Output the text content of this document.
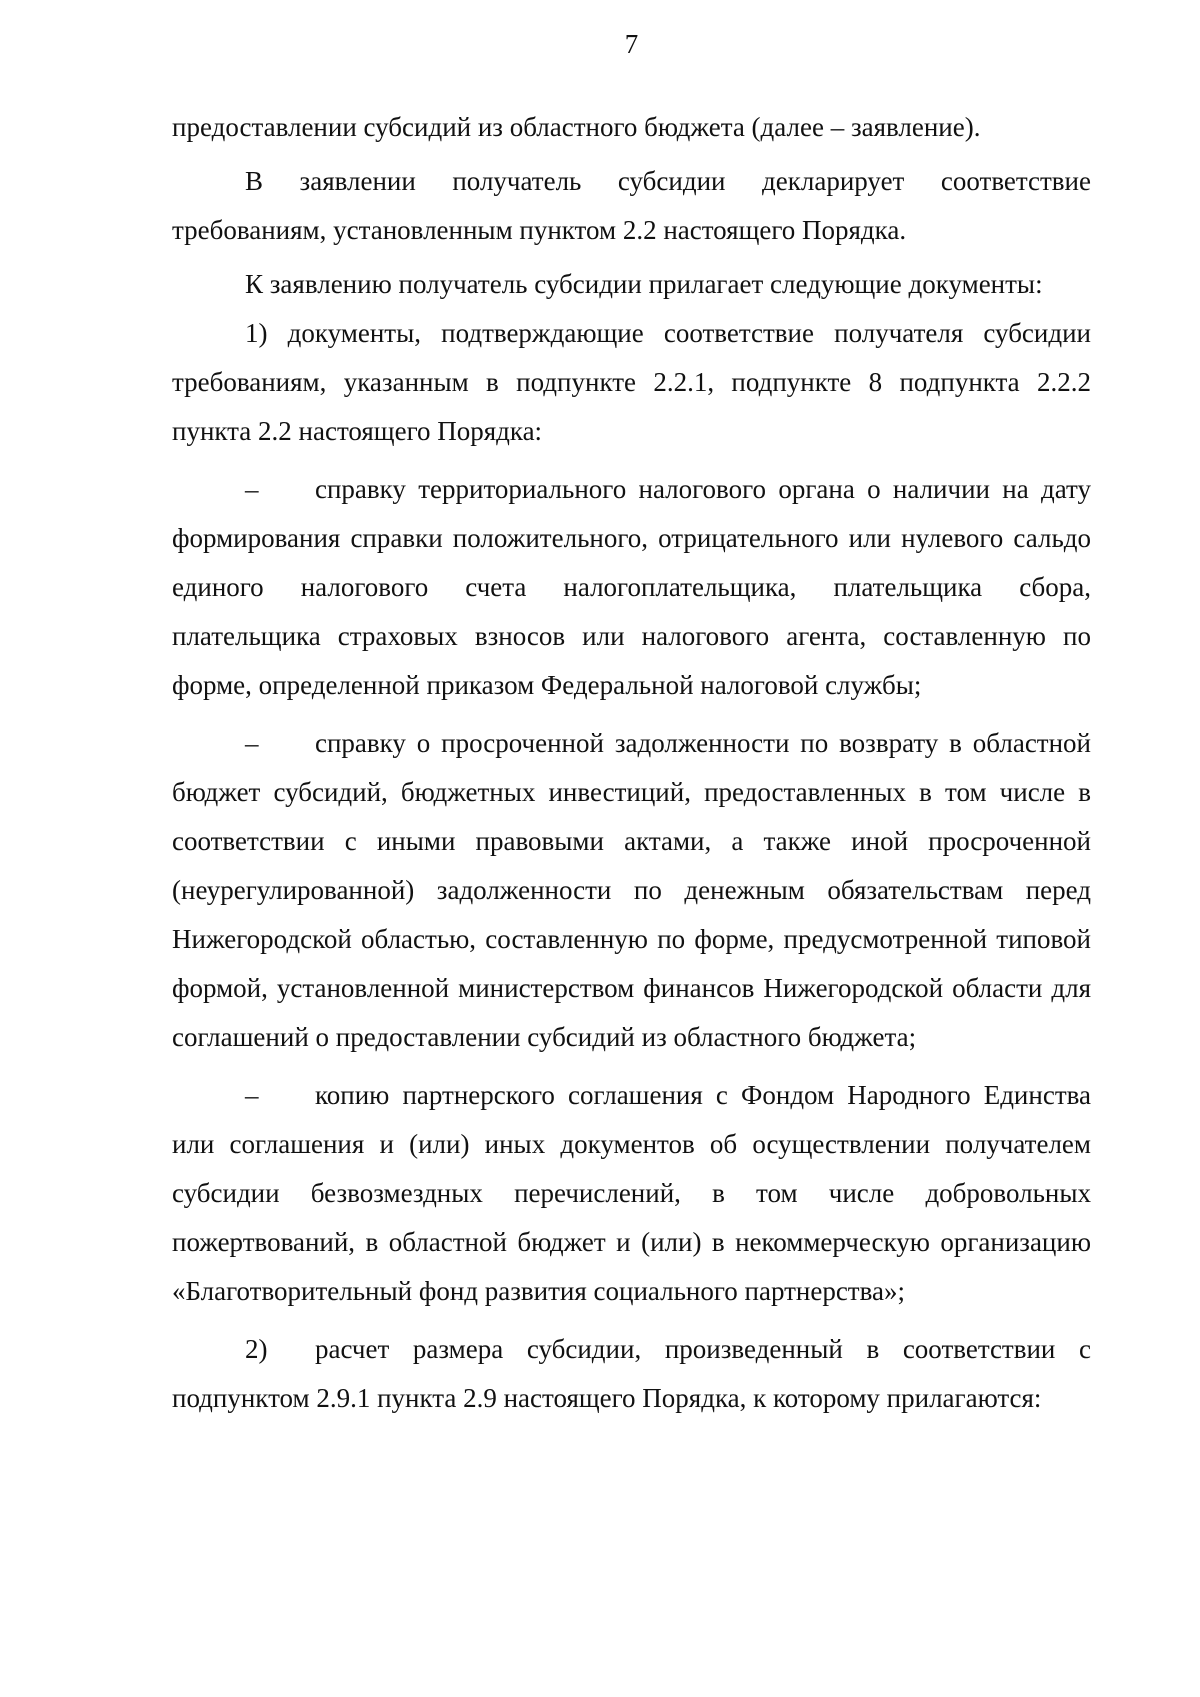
7

предоставлении субсидий из областного бюджета (далее – заявление).

В заявлении получатель субсидии декларирует соответствие требованиям, установленным пунктом 2.2 настоящего Порядка.

К заявлению получатель субсидии прилагает следующие документы:

1) документы, подтверждающие соответствие получателя субсидии требованиям, указанным в подпункте 2.2.1, подпункте 8 подпункта 2.2.2 пункта 2.2 настоящего Порядка:

– справку территориального налогового органа о наличии на дату формирования справки положительного, отрицательного или нулевого сальдо единого налогового счета налогоплательщика, плательщика сбора, плательщика страховых взносов или налогового агента, составленную по форме, определенной приказом Федеральной налоговой службы;

– справку о просроченной задолженности по возврату в областной бюджет субсидий, бюджетных инвестиций, предоставленных в том числе в соответствии с иными правовыми актами, а также иной просроченной (неурегулированной) задолженности по денежным обязательствам перед Нижегородской областью, составленную по форме, предусмотренной типовой формой, установленной министерством финансов Нижегородской области для соглашений о предоставлении субсидий из областного бюджета;

– копию партнерского соглашения с Фондом Народного Единства или соглашения и (или) иных документов об осуществлении получателем субсидии безвозмездных перечислений, в том числе добровольных пожертвований, в областной бюджет и (или) в некоммерческую организацию «Благотворительный фонд развития социального партнерства»;

2) расчет размера субсидии, произведенный в соответствии с подпунктом 2.9.1 пункта 2.9 настоящего Порядка, к которому прилагаются:
